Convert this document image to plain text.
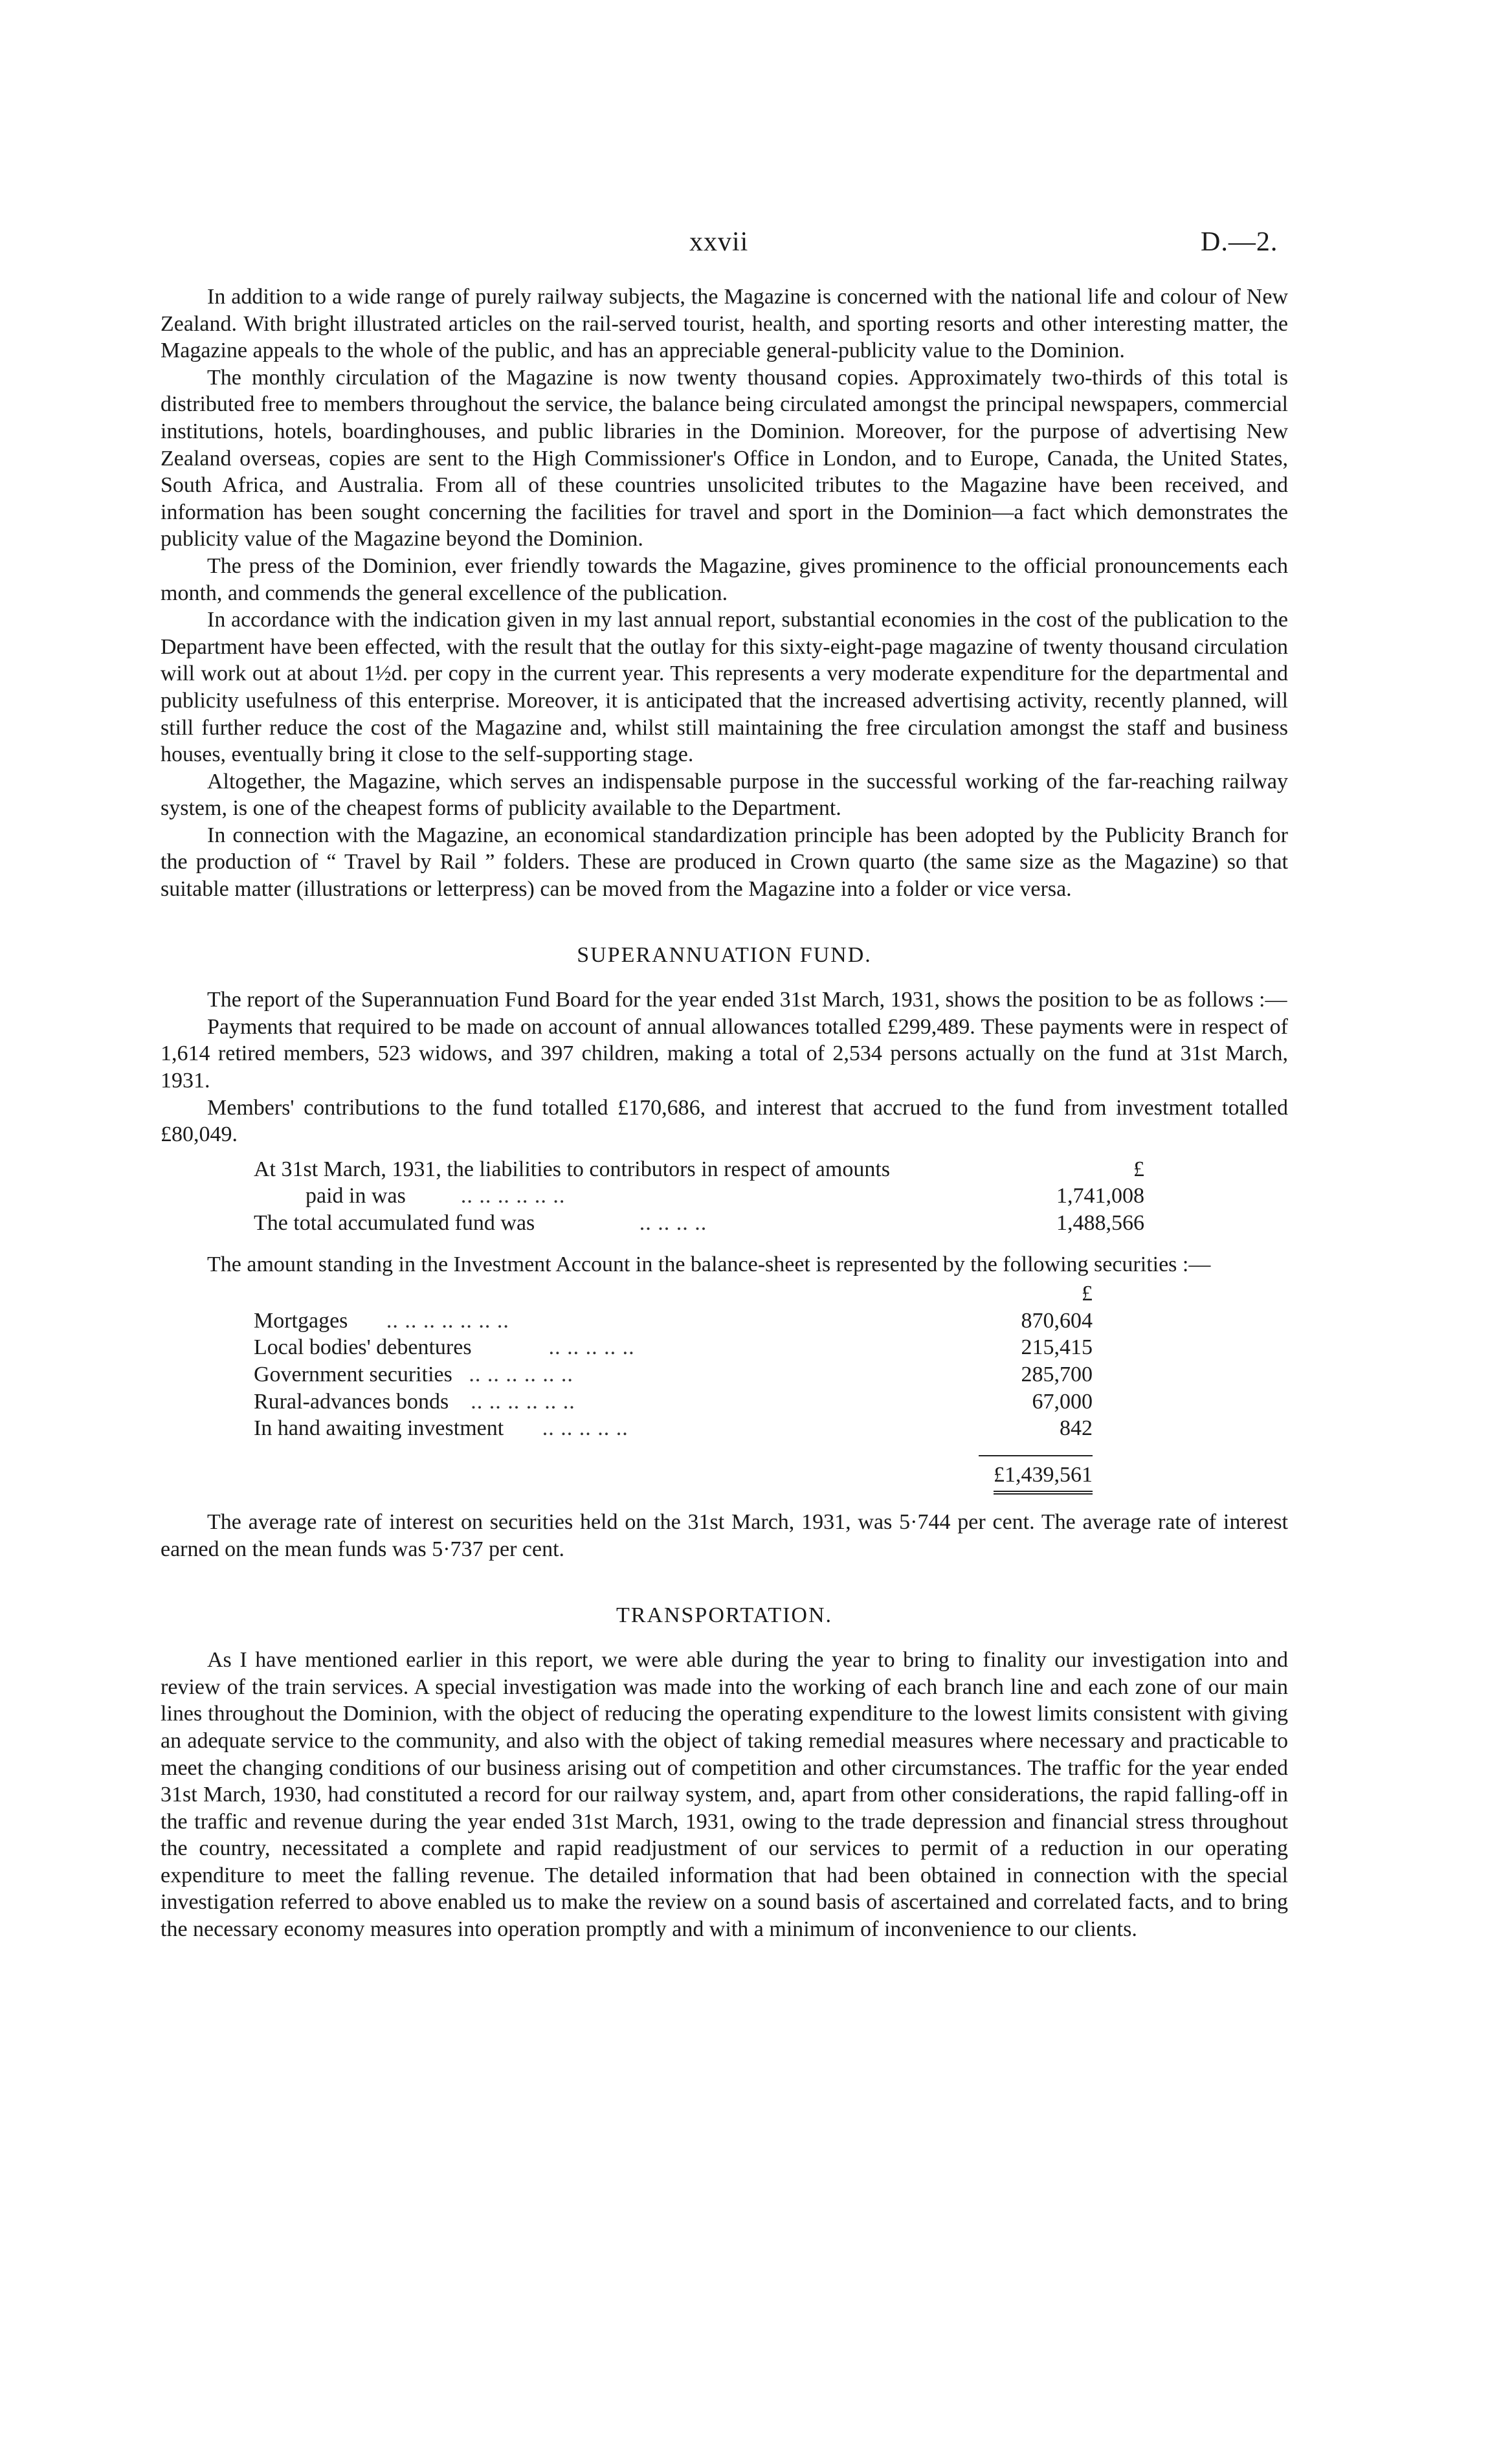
xxvii	D.—2.

In addition to a wide range of purely railway subjects, the Magazine is concerned with the national life and colour of New Zealand. With bright illustrated articles on the rail-served tourist, health, and sporting resorts and other interesting matter, the Magazine appeals to the whole of the public, and has an appreciable general-publicity value to the Dominion.

The monthly circulation of the Magazine is now twenty thousand copies. Approximately two-thirds of this total is distributed free to members throughout the service, the balance being circulated amongst the principal newspapers, commercial institutions, hotels, boardinghouses, and public libraries in the Dominion. Moreover, for the purpose of advertising New Zealand overseas, copies are sent to the High Commissioner's Office in London, and to Europe, Canada, the United States, South Africa, and Australia. From all of these countries unsolicited tributes to the Magazine have been received, and information has been sought concerning the facilities for travel and sport in the Dominion—a fact which demonstrates the publicity value of the Magazine beyond the Dominion.

The press of the Dominion, ever friendly towards the Magazine, gives prominence to the official pronouncements each month, and commends the general excellence of the publication.

In accordance with the indication given in my last annual report, substantial economies in the cost of the publication to the Department have been effected, with the result that the outlay for this sixty-eight-page magazine of twenty thousand circulation will work out at about 1½d. per copy in the current year. This represents a very moderate expenditure for the departmental and publicity usefulness of this enterprise. Moreover, it is anticipated that the increased advertising activity, recently planned, will still further reduce the cost of the Magazine and, whilst still maintaining the free circulation amongst the staff and business houses, eventually bring it close to the self-supporting stage.

Altogether, the Magazine, which serves an indispensable purpose in the successful working of the far-reaching railway system, is one of the cheapest forms of publicity available to the Department.

In connection with the Magazine, an economical standardization principle has been adopted by the Publicity Branch for the production of “ Travel by Rail ” folders. These are produced in Crown quarto (the same size as the Magazine) so that suitable matter (illustrations or letterpress) can be moved from the Magazine into a folder or vice versa.

SUPERANNUATION FUND.

The report of the Superannuation Fund Board for the year ended 31st March, 1931, shows the position to be as follows :—

Payments that required to be made on account of annual allowances totalled £299,489. These payments were in respect of 1,614 retired members, 523 widows, and 397 children, making a total of 2,534 persons actually on the fund at 31st March, 1931.

Members' contributions to the fund totalled £170,686, and interest that accrued to the fund from investment totalled £80,049.

At 31st March, 1931, the liabilities to contributors in respect of amounts	£
paid in was .. .. .. .. .. ..	1,741,008
The total accumulated fund was .. .. .. ..	1,488,566

The amount standing in the Investment Account in the balance-sheet is represented by the following securities :—

	£
Mortgages .. .. .. .. .. .. ..	870,604
Local bodies' debentures .. .. .. .. ..	215,415
Government securities .. .. .. .. .. ..	285,700
Rural-advances bonds .. .. .. .. .. ..	67,000
In hand awaiting investment .. .. .. .. ..	842

	£1,439,561

The average rate of interest on securities held on the 31st March, 1931, was 5·744 per cent. The average rate of interest earned on the mean funds was 5·737 per cent.

TRANSPORTATION.

As I have mentioned earlier in this report, we were able during the year to bring to finality our investigation into and review of the train services. A special investigation was made into the working of each branch line and each zone of our main lines throughout the Dominion, with the object of reducing the operating expenditure to the lowest limits consistent with giving an adequate service to the community, and also with the object of taking remedial measures where necessary and practicable to meet the changing conditions of our business arising out of competition and other circumstances. The traffic for the year ended 31st March, 1930, had constituted a record for our railway system, and, apart from other considerations, the rapid falling-off in the traffic and revenue during the year ended 31st March, 1931, owing to the trade depression and financial stress throughout the country, necessitated a complete and rapid readjustment of our services to permit of a reduction in our operating expenditure to meet the falling revenue. The detailed information that had been obtained in connection with the special investigation referred to above enabled us to make the review on a sound basis of ascertained and correlated facts, and to bring the necessary economy measures into operation promptly and with a minimum of inconvenience to our clients.
